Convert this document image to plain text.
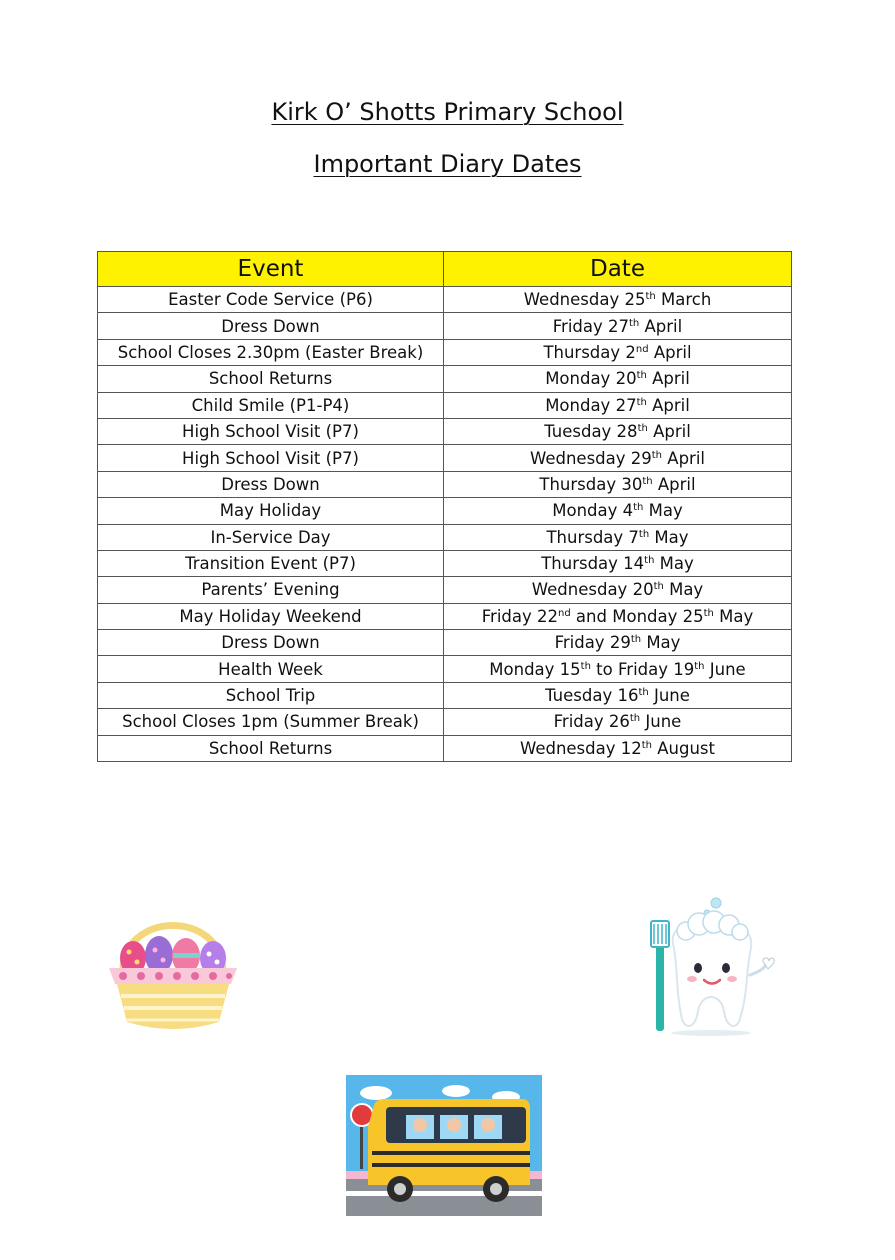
Kirk O’ Shotts Primary School
Important Diary Dates
Event	Date
Easter Code Service (P6)	Wednesday 25th March
Dress Down	Friday 27th April
School Closes 2.30pm (Easter Break)	Thursday 2nd April
School Returns	Monday 20th April
Child Smile (P1-P4)	Monday 27th April
High School Visit (P7)	Tuesday 28th April
High School Visit (P7)	Wednesday 29th April
Dress Down	Thursday 30th April
May Holiday	Monday 4th May
In-Service Day	Thursday 7th May
Transition Event (P7)	Thursday 14th May
Parents’ Evening	Wednesday 20th May
May Holiday Weekend	Friday 22nd and Monday 25th May
Dress Down	Friday 29th May
Health Week	Monday 15th to Friday 19th June
School Trip	Tuesday 16th June
School Closes 1pm (Summer Break)	Friday 26th June
School Returns	Wednesday 12th August
